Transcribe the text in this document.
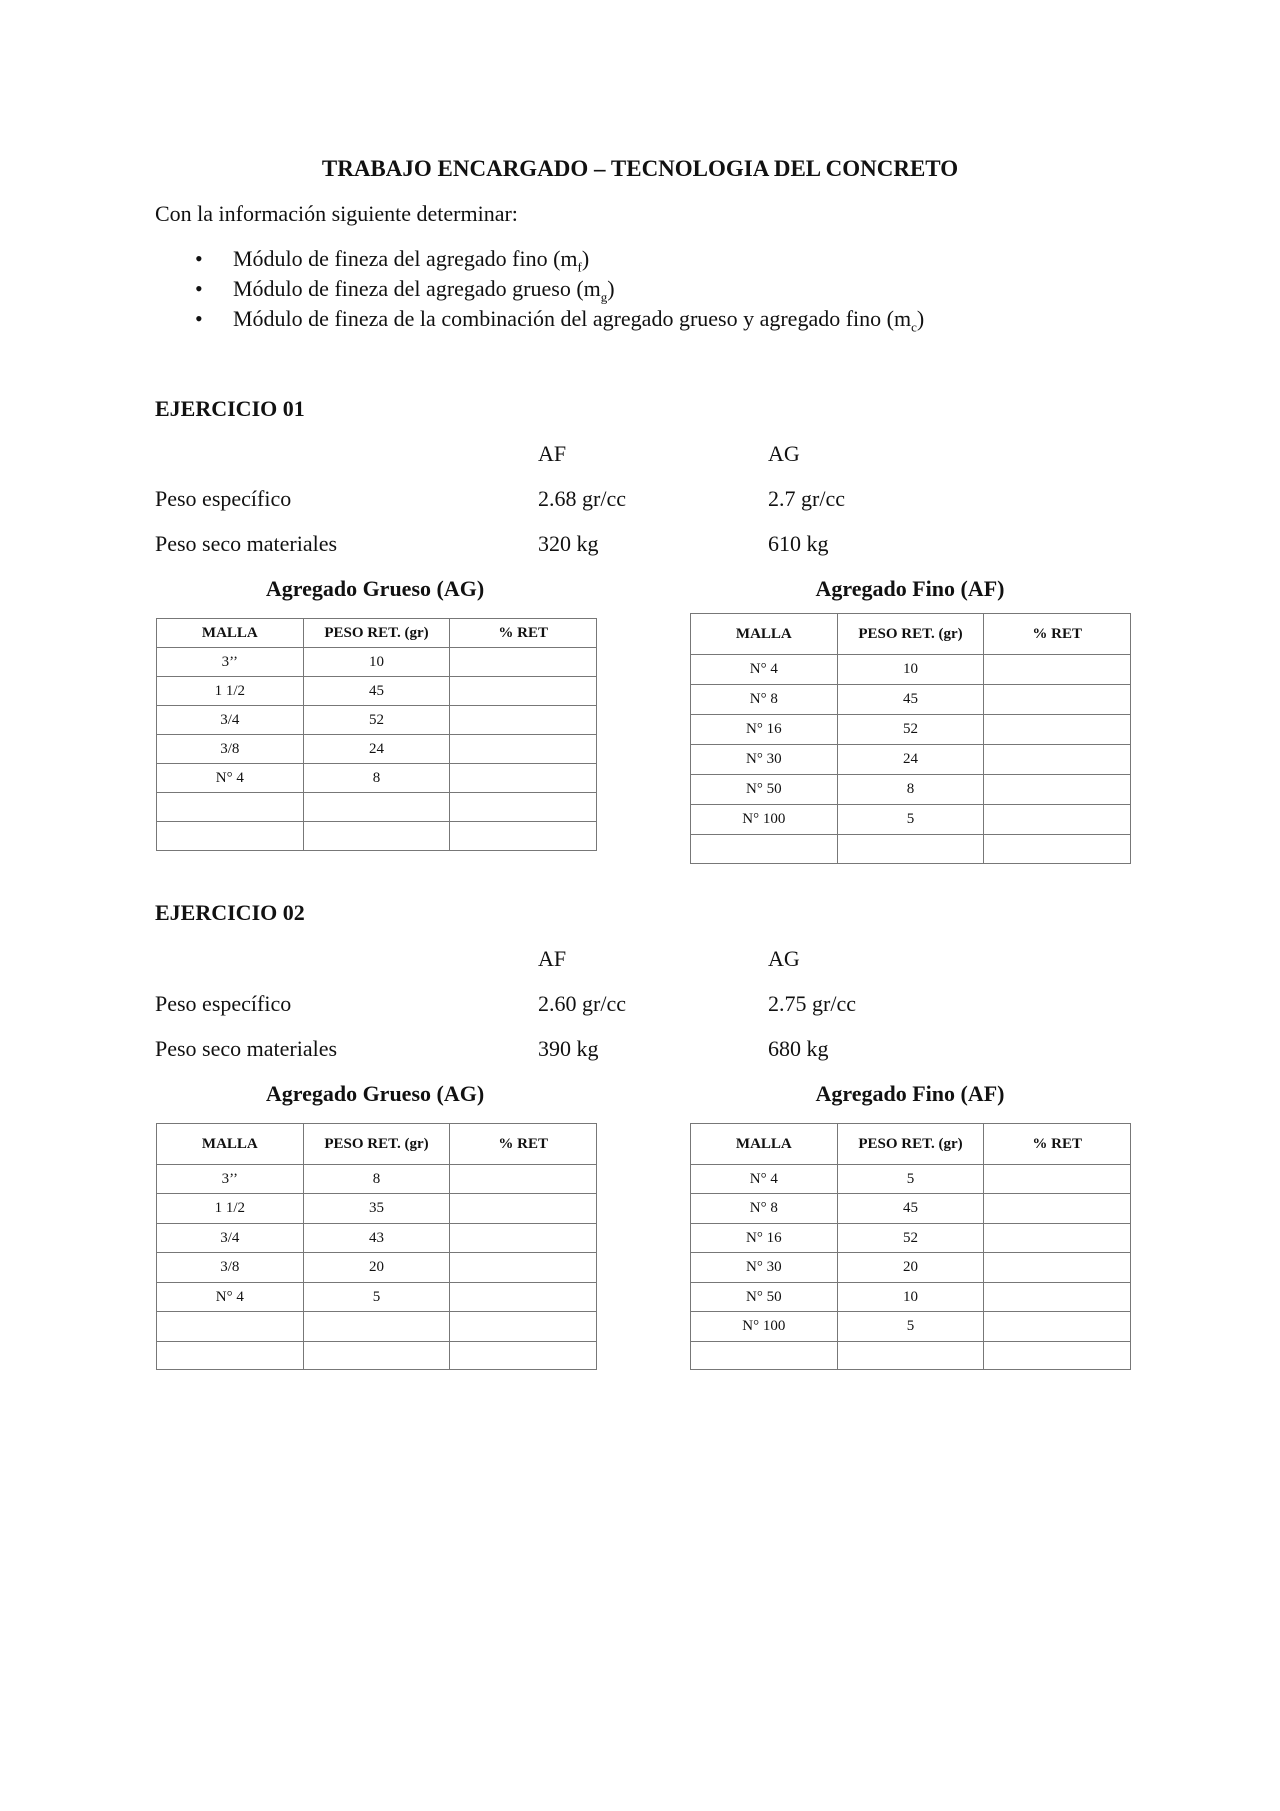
TRABAJO ENCARGADO – TECNOLOGIA DEL CONCRETO
Con la información siguiente determinar:
• Módulo de fineza del agregado fino $(m_f)$
• Módulo de fineza del agregado grueso $(m_g)$
• Módulo de fineza de la combinación del agregado grueso y agregado fino $(m_c)$
EJERCICIO 01
AF	AG
Peso específico	2.68 gr/cc	2.7 gr/cc
Peso seco materiales	320 kg	610 kg
Agregado Grueso (AG)	Agregado Fino (AF)
MALLA	PESO RET. (gr)	% RET
3’’	10	
1 1/2	45	
3/4	52	
3/8	24	
N° 4	8	

MALLA	PESO RET. (gr)	% RET
N° 4	10	
N° 8	45	
N° 16	52	
N° 30	24	
N° 50	8	
N° 100	5	

EJERCICIO 02
AF	AG
Peso específico	2.60 gr/cc	2.75 gr/cc
Peso seco materiales	390 kg	680 kg
Agregado Grueso (AG)	Agregado Fino (AF)
MALLA	PESO RET. (gr)	% RET
3’’	8	
1 1/2	35	
3/4	43	
3/8	20	
N° 4	5	

MALLA	PESO RET. (gr)	% RET
N° 4	5	
N° 8	45	
N° 16	52	
N° 30	20	
N° 50	10	
N° 100	5	
